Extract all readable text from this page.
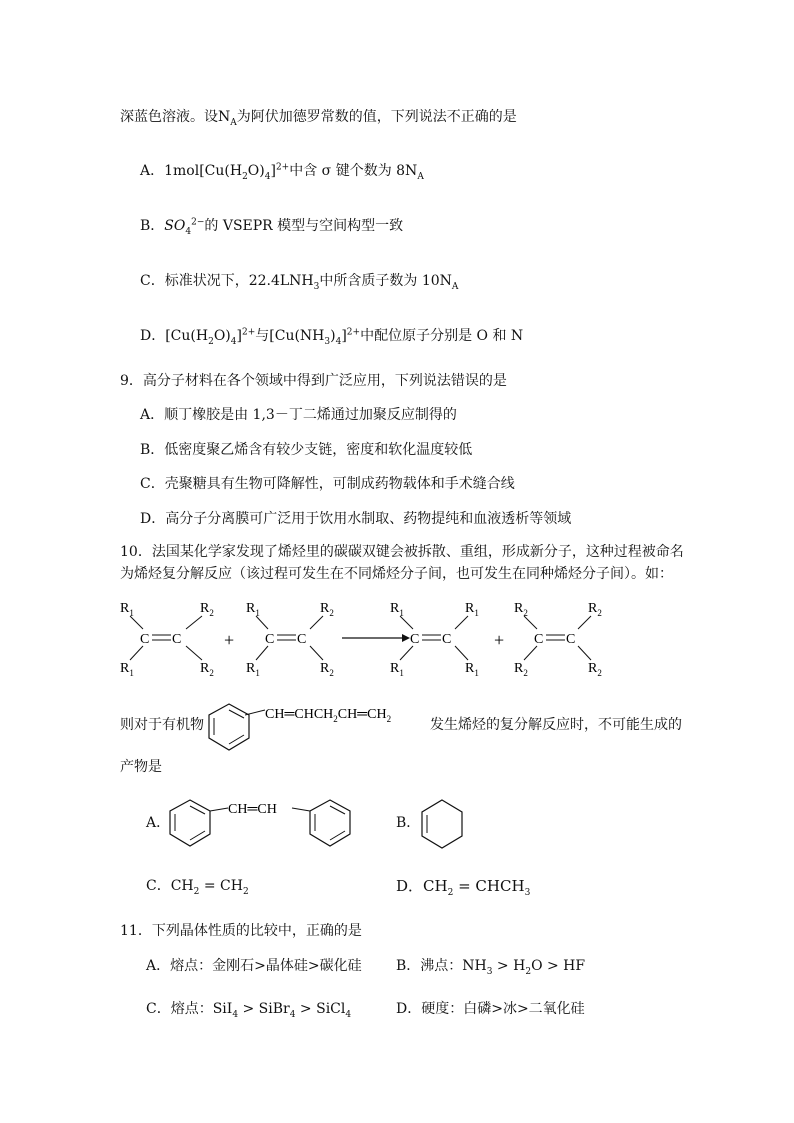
深蓝色溶液。设$N_A$为阿伏加德罗常数的值，下列说法不正确的是
A．$1mol[Cu(H_2O)_4]^{2+}$中含 σ 键个数为 $8N_A$
B．$SO_4^{2-}$的 VSEPR 模型与空间构型一致
C．标准状况下，$22.4LNH_3$中所含质子数为 $10N_A$
D．$[Cu(H_2O)_4]^{2+}$与$[Cu(NH_3)_4]^{2+}$中配位原子分别是 O 和 N
9．高分子材料在各个领域中得到广泛应用，下列说法错误的是
A．顺丁橡胶是由 1,3－丁二烯通过加聚反应制得的
B．低密度聚乙烯含有较少支链，密度和软化温度较低
C．壳聚糖具有生物可降解性，可制成药物载体和手术缝合线
D．高分子分离膜可广泛用于饮用水制取、药物提纯和血液透析等领域
10．法国某化学家发现了烯烃里的碳碳双键会被拆散、重组，形成新分子，这种过程被命名
为烯烃复分解反应（该过程可发生在不同烯烃分子间，也可发生在同种烯烃分子间）。如：
$R_1$	$R_2$
C C
$R_1$	$R_2$
+
$R_1$	$R_2$
C C
$R_1$	$R_2$
$R_1$	$R_1$
C C
$R_1$	$R_1$
+
$R_2$	$R_2$
C C
$R_2$	$R_2$
则对于有机物
$CH═CHCH_2CH═CH_2$	发生烯烃的复分解反应时，不可能生成的
产物是
A．
CH═CH
B．
C．$CH_2 = CH_2$	D．$CH_2$ = $CHCH_3$
11．下列晶体性质的比较中，正确的是
A．熔点：金刚石>晶体硅>碳化硅 B．沸点：$NH_3 > H_2O$ > HF
C．熔点：SiI$_4$ > SiBr$_4$ > SiCl$_4$	D．硬度：白磷>冰>二氧化硅
